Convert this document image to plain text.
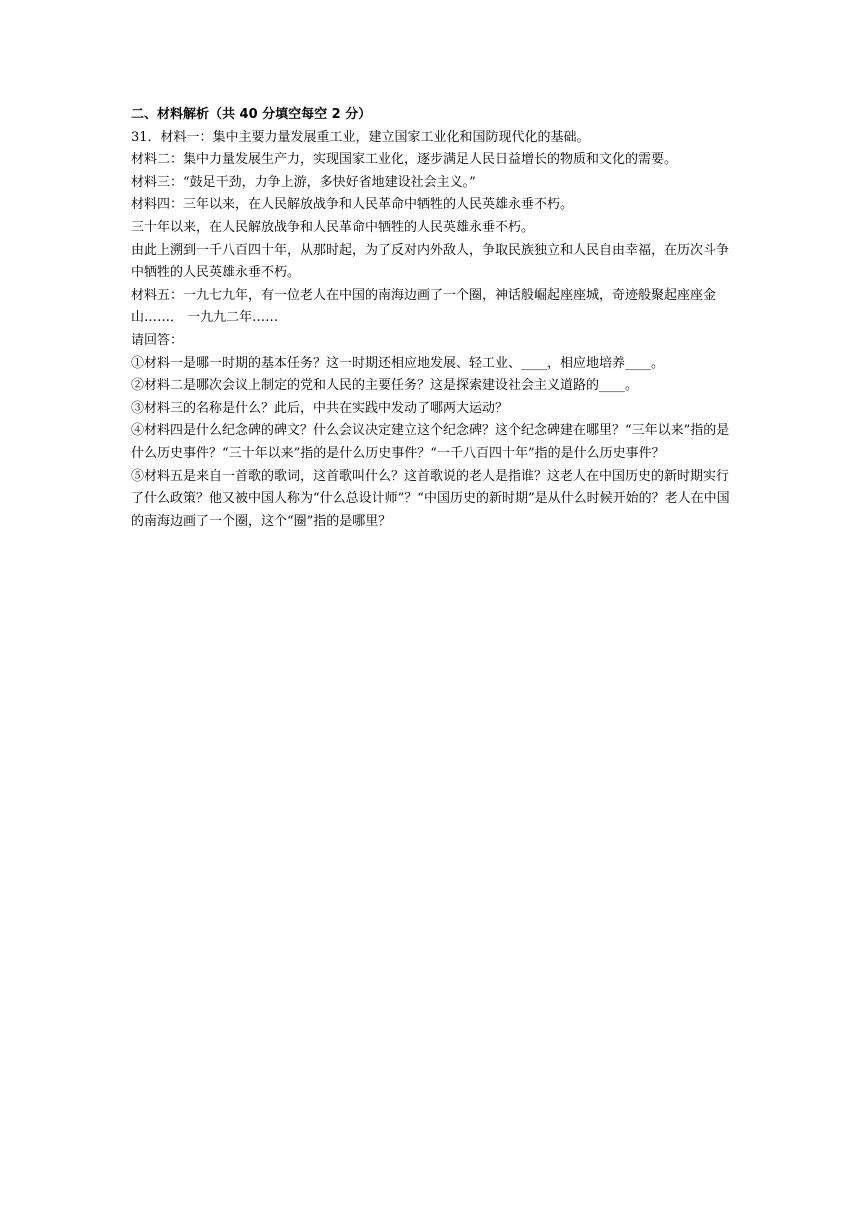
二、材料解析（共 40 分填空每空 2 分）

31．材料一：集中主要力量发展重工业，建立国家工业化和国防现代化的基础。

材料二：集中力量发展生产力，实现国家工业化，逐步满足人民日益增长的物质和文化的需要。

材料三：“鼓足干劲，力争上游，多快好省地建设社会主义。”

材料四：三年以来，在人民解放战争和人民革命中牺牲的人民英雄永垂不朽。

三十年以来，在人民解放战争和人民革命中牺牲的人民英雄永垂不朽。

由此上溯到一千八百四十年，从那时起，为了反对内外敌人，争取民族独立和人民自由幸福，在历次斗争中牺牲的人民英雄永垂不朽。

材料五：一九七九年，有一位老人在中国的南海边画了一个圈，神话般崛起座座城，奇迹般聚起座座金山……． 一九九二年……

请回答：

①材料一是哪一时期的基本任务？这一时期还相应地发展、轻工业、____，相应地培养____。

②材料二是哪次会议上制定的党和人民的主要任务？这是探索建设社会主义道路的____。

③材料三的名称是什么？此后，中共在实践中发动了哪两大运动？

④材料四是什么纪念碑的碑文？什么会议决定建立这个纪念碑？这个纪念碑建在哪里？“三年以来”指的是什么历史事件？“三十年以来”指的是什么历史事件？“一千八百四十年”指的是什么历史事件？

⑤材料五是来自一首歌的歌词，这首歌叫什么？这首歌说的老人是指谁？这老人在中国历史的新时期实行了什么政策？他又被中国人称为“什么总设计师”？“中国历史的新时期”是从什么时候开始的？老人在中国的南海边画了一个圈，这个“圈”指的是哪里？
